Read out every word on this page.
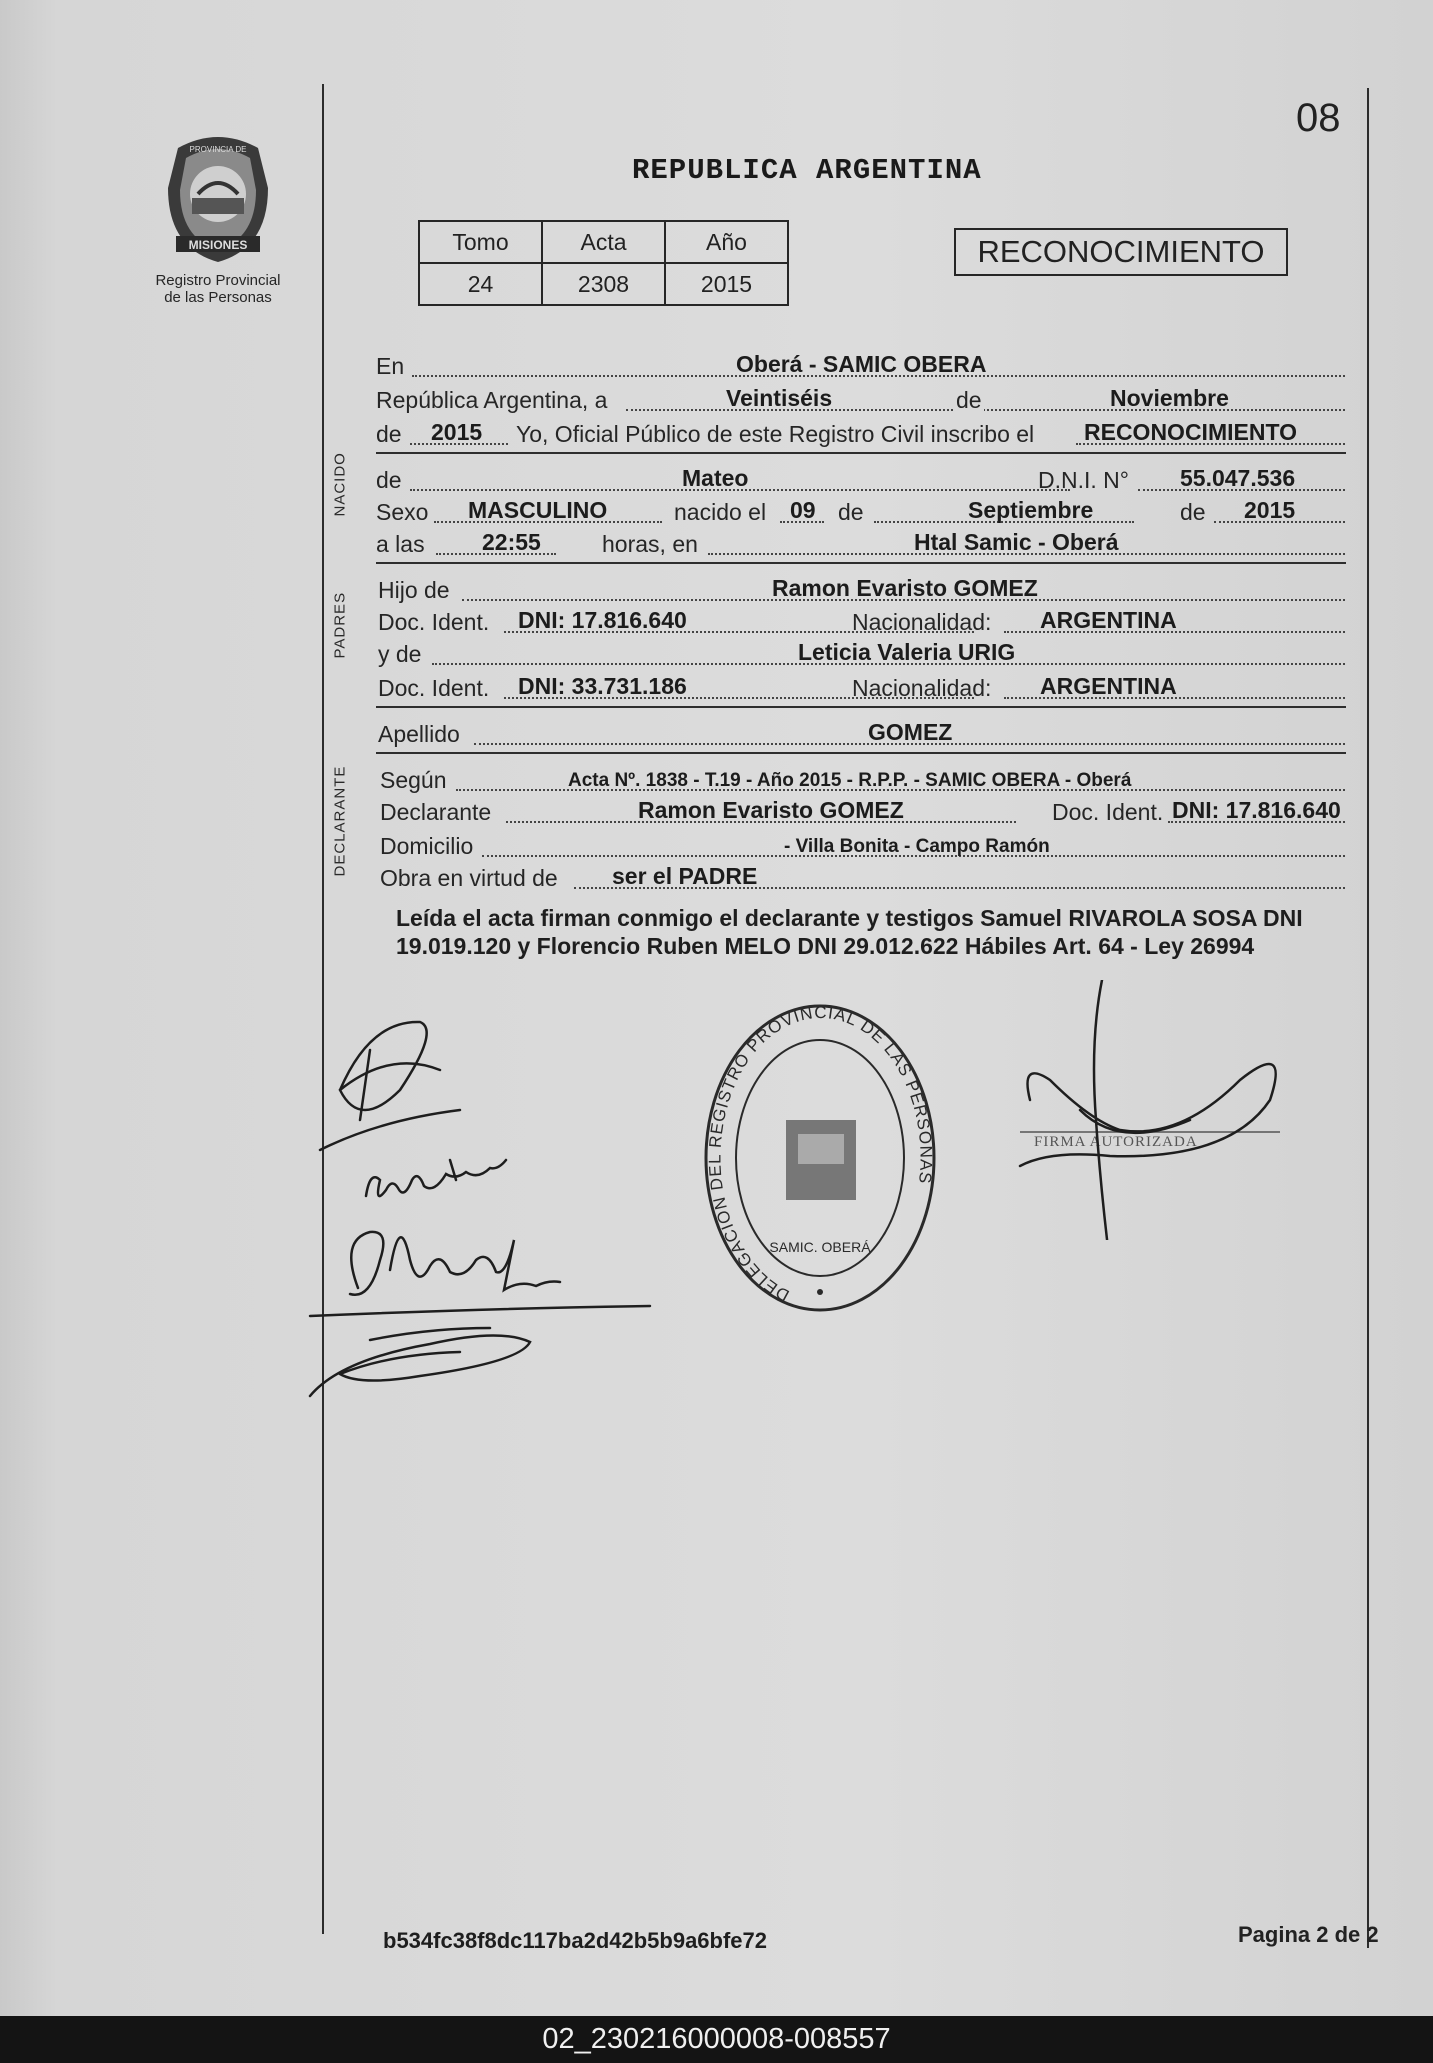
08
MISIONES
PROVINCIA DE
Registro Provincial
de las Personas
REPUBLICA ARGENTINA
Tomo	Acta	Año
24	2308	2015
RECONOCIMIENTO
En	Oberá - SAMIC OBERA
República Argentina, a	Veintiséis	de	Noviembre
de 2015 Yo, Oficial Público de este Registro Civil inscribo el RECONOCIMIENTO
NACIDO de	Mateo	D.N.I. N° 55.047.536
Sexo MASCULINO	nacido el 09 de	Septiembre	de 2015
a las 22:55	horas, en	Htal Samic - Oberá
PADRES
Hijo de	Ramon Evaristo GOMEZ
Doc. Ident. DNI: 17.816.640	Nacionalidad: ARGENTINA
y de	Leticia Valeria URIG
Doc. Ident. DNI: 33.731.186	Nacionalidad: ARGENTINA
Apellido	GOMEZ
DECLARANTE Según	Acta Nº. 1838 - T.19 - Año 2015 - R.P.P. - SAMIC OBERA - Oberá
Declarante	Ramon Evaristo GOMEZ	Doc. Ident. DNI: 17.816.640
Domicilio	- Villa Bonita - Campo Ramón
Obra en virtud de ser el PADRE
Leída el acta firman conmigo el declarante y testigos Samuel RIVAROLA SOSA DNI 19.019.120 y Florencio Ruben MELO DNI 29.012.622 Hábiles Art. 64 - Ley 26994
DELEGACIÓN DEL REGISTRO PROVINCIAL DE LAS PERSONAS
SAMIC. OBERÁ
FIRMA AUTORIZADA
b534fc38f8dc117ba2d42b5b9a6bfe72	Pagina 2 de 2
02_230216000008-008557
